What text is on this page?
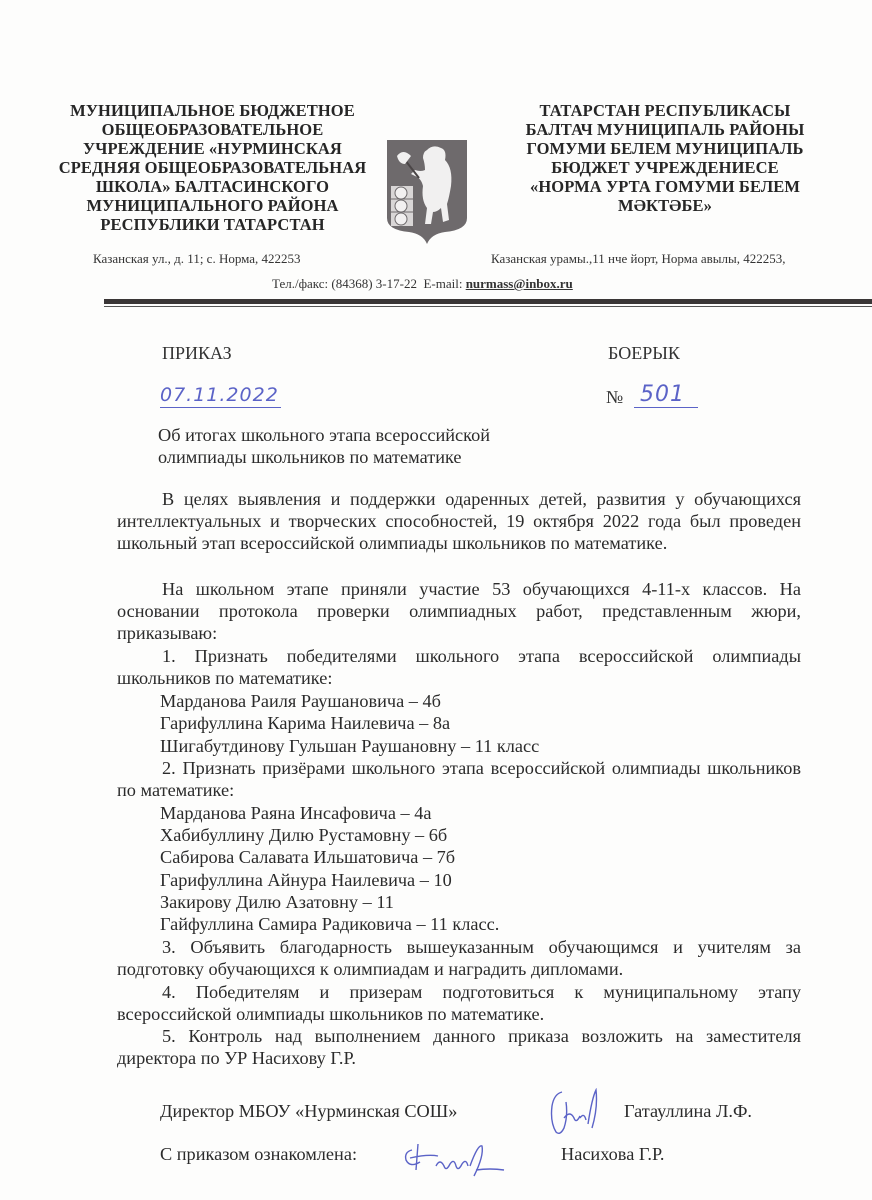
МУНИЦИПАЛЬНОЕ БЮДЖЕТНОЕ
ОБЩЕОБРАЗОВАТЕЛЬНОЕ
УЧРЕЖДЕНИЕ «НУРМИНСКАЯ
СРЕДНЯЯ ОБЩЕОБРАЗОВАТЕЛЬНАЯ
ШКОЛА» БАЛТАСИНСКОГО
МУНИЦИПАЛЬНОГО РАЙОНА
РЕСПУБЛИКИ ТАТАРСТАН
ТАТАРСТАН РЕСПУБЛИКАСЫ
БАЛТАЧ МУНИЦИПАЛЬ РАЙОНЫ
ГОМУМИ БЕЛЕМ МУНИЦИПАЛЬ
БЮДЖЕТ УЧРЕЖДЕНИЕСЕ
«НОРМА УРТА ГОМУМИ БЕЛЕМ
МӘКТӘБЕ»
Казанская ул., д. 11; с. Норма, 422253	Казанская урамы.,11 нче йорт, Норма авылы, 422253,
Тел./факс: (84368) 3-17-22  E-mail: nurmass@inbox.ru
ПРИКАЗ	БОЕРЫК
07.11.2022	№ 501
Об итогах школьного этапа всероссийской
олимпиады школьников по математике
В целях выявления и поддержки одаренных детей, развития у обучающихся интеллектуальных и творческих способностей, 19 октября 2022 года был проведен школьный этап всероссийской олимпиады школьников по математике.
На школьном этапе приняли участие 53 обучающихся 4-11-х классов. На основании протокола проверки олимпиадных работ, представленным жюри, приказываю:
1. Признать победителями школьного этапа всероссийской олимпиады школьников по математике:
Марданова Раиля Раушановича – 4б
Гарифуллина Карима Наилевича – 8а
Шигабутдинову Гульшан Раушановну – 11 класс
2. Признать призёрами школьного этапа всероссийской олимпиады школьников по математике:
Марданова Раяна Инсафовича – 4а
Хабибуллину Дилю Рустамовну – 6б
Сабирова Салавата Ильшатовича – 7б
Гарифуллина Айнура Наилевича – 10
Закирову Дилю Азатовну – 11
Гайфуллина Самира Радиковича – 11 класс.
3. Объявить благодарность вышеуказанным обучающимся и учителям за подготовку обучающихся к олимпиадам и наградить дипломами.
4. Победителям и призерам подготовиться к муниципальному этапу всероссийской олимпиады школьников по математике.
5. Контроль над выполнением данного приказа возложить на заместителя директора по УР Насихову Г.Р.
Директор МБОУ «Нурминская СОШ»	Гатауллина Л.Ф.
С приказом ознакомлена:	Насихова Г.Р.
